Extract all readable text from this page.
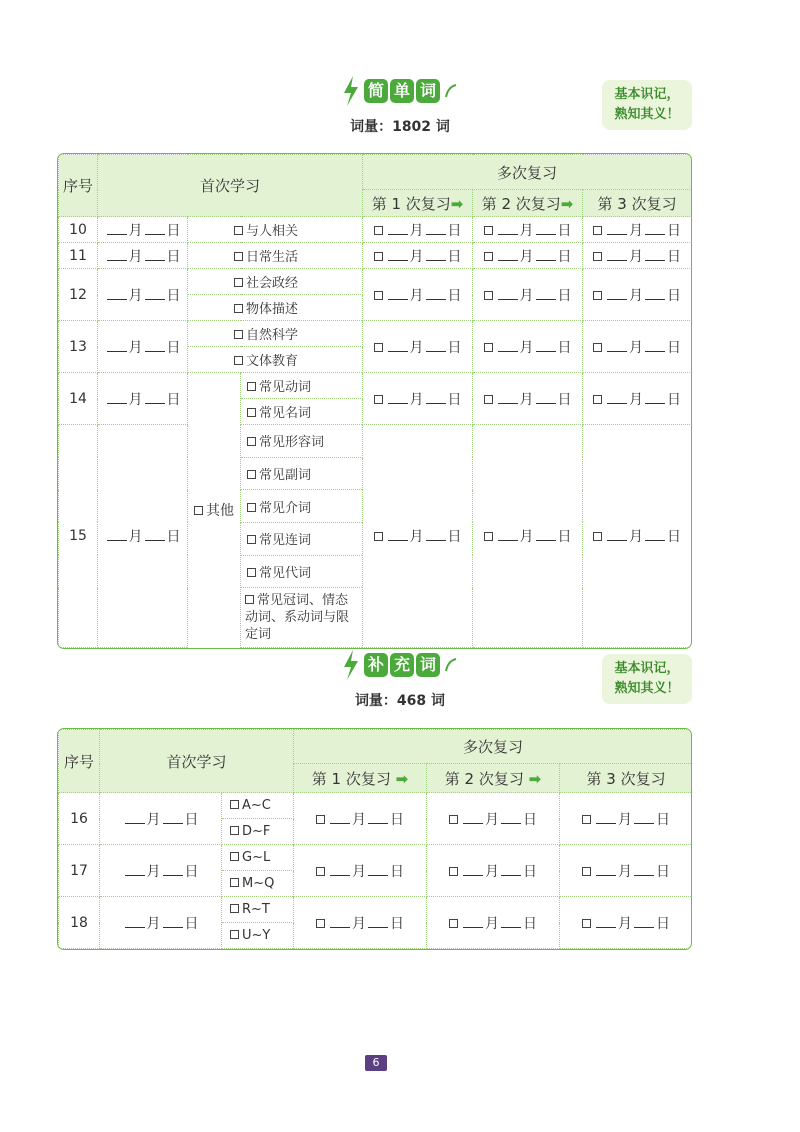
简 单 词
词量：1802 词
基本识记，
熟知其义！
序号	首次学习			多次复习		
				第 1 次复习➡	第 2 次复习➡	第 3 次复习
10	月 日	与人相关		月 日	月 日	月 日
11	月 日	日常生活		月 日	月 日	月 日
12	月 日	社会政经		月 日	月 日	月 日
		物体描述				
13	月 日	自然科学		月 日	月 日	月 日
		文体教育				
14	月 日	其他	常见动词	月 日	月 日	月 日
			常见名词			
15	月 日		常见形容词	月 日	月 日	月 日
			常见副词			
			常见介词			
			常见连词			
			常见代词			
			常见冠词、情态动词、系动词与限定词			
补 充 词
词量：468 词
基本识记，
熟知其义！
序号	首次学习		多次复习		
			第 1 次复习 ➡	第 2 次复习 ➡	第 3 次复习
16	月 日	A~C	月 日	月 日	月 日
		D~F			
17	月 日	G~L	月 日	月 日	月 日
		M~Q			
18	月 日	R~T	月 日	月 日	月 日
		U~Y			
6
